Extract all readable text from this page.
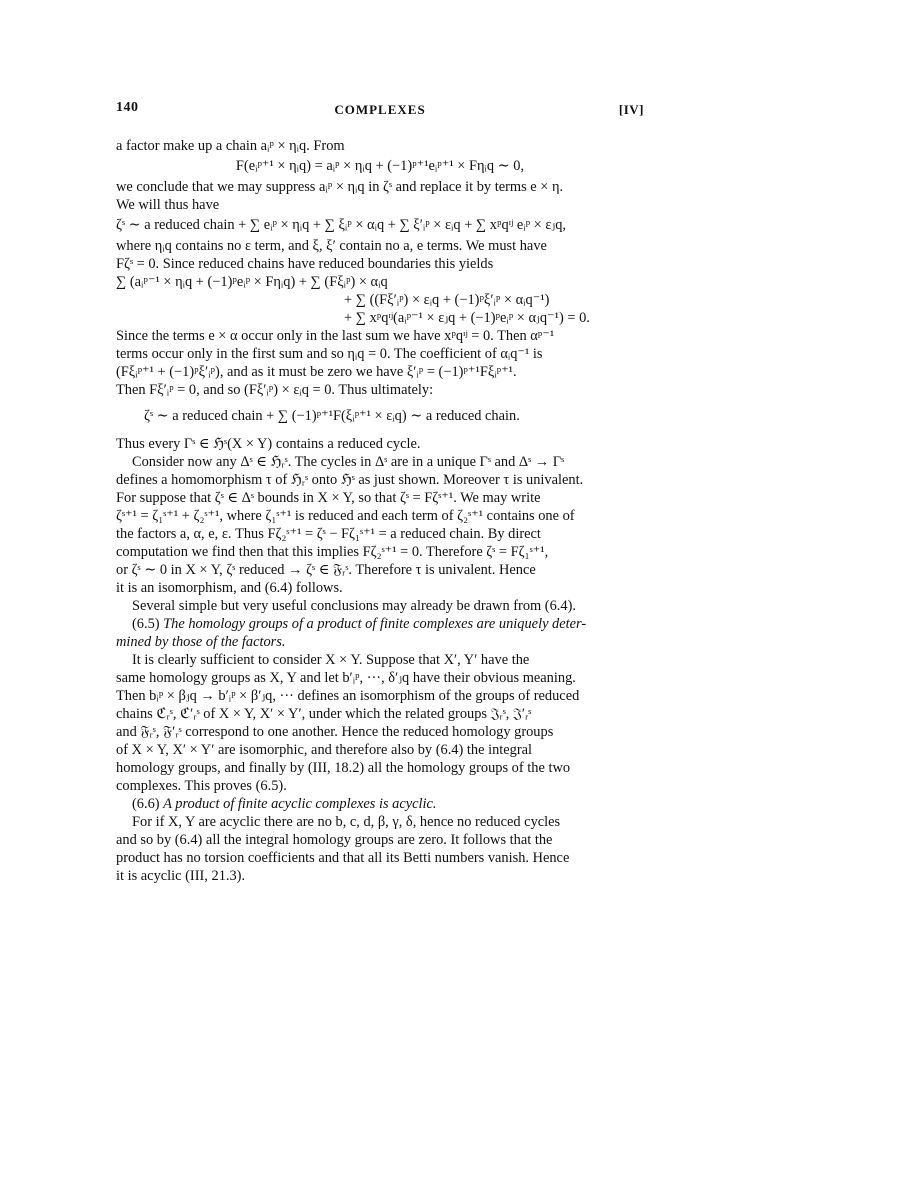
140	COMPLEXES	[IV]

a factor make up a chain aᵢᵖ × ηᵢq. From

F(eᵢᵖ⁺¹ × ηᵢq) = aᵢᵖ × ηᵢq + (−1)ᵖ⁺¹eᵢᵖ⁺¹ × Fηᵢq ∼ 0,

we conclude that we may suppress aᵢᵖ × ηᵢq in ζˢ and replace it by terms e × η.

We will thus have

ζˢ ∼ a reduced chain + ∑ eᵢᵖ × ηᵢq + ∑ ξᵢᵖ × αᵢq + ∑ ξ′ᵢᵖ × εᵢq + ∑ xᵖqᶦʲ eᵢᵖ × εⱼq,

where ηᵢq contains no ε term, and ξ, ξ′ contain no a, e terms. We must have

Fζˢ = 0. Since reduced chains have reduced boundaries this yields

∑ (aᵢᵖ⁻¹ × ηᵢq + (−1)ᵖeᵢᵖ × Fηᵢq) + ∑ (Fξᵢᵖ) × αᵢq
+ ∑ ((Fξ′ᵢᵖ) × εᵢq + (−1)ᵖξ′ᵢᵖ × αᵢq⁻¹)
+ ∑ xᵖqᶦʲ(aᵢᵖ⁻¹ × εⱼq + (−1)ᵖeᵢᵖ × αⱼq⁻¹) = 0.

Since the terms e × α occur only in the last sum we have xᵖqᶦʲ = 0. Then αᵖ⁻¹

terms occur only in the first sum and so ηᵢq = 0. The coefficient of αᵢq⁻¹ is

(Fξᵢᵖ⁺¹ + (−1)ᵖξ′ᵢᵖ), and as it must be zero we have ξ′ᵢᵖ = (−1)ᵖ⁺¹Fξᵢᵖ⁺¹.

Then Fξ′ᵢᵖ = 0, and so (Fξ′ᵢᵖ) × εᵢq = 0. Thus ultimately:

ζˢ ∼ a reduced chain + ∑ (−1)ᵖ⁺¹F(ξᵢᵖ⁺¹ × εᵢq) ∼ a reduced chain.

Thus every Γˢ ∈ ℌˢ(X × Y) contains a reduced cycle.

Consider now any Δˢ ∈ ℌᵣˢ. The cycles in Δˢ are in a unique Γˢ and Δˢ → Γˢ

defines a homomorphism τ of ℌᵣˢ onto ℌˢ as just shown. Moreover τ is univalent.

For suppose that ζˢ ∈ Δˢ bounds in X × Y, so that ζˢ = Fζˢ⁺¹. We may write

ζˢ⁺¹ = ζ₁ˢ⁺¹ + ζ₂ˢ⁺¹, where ζ₁ˢ⁺¹ is reduced and each term of ζ₂ˢ⁺¹ contains one of

the factors a, α, e, ε. Thus Fζ₂ˢ⁺¹ = ζˢ − Fζ₁ˢ⁺¹ = a reduced chain. By direct

computation we find then that this implies Fζ₂ˢ⁺¹ = 0. Therefore ζˢ = Fζ₁ˢ⁺¹,

or ζˢ ∼ 0 in X × Y, ζˢ reduced → ζˢ ∈ 𝔉ᵣˢ. Therefore τ is univalent. Hence

it is an isomorphism, and (6.4) follows.

Several simple but very useful conclusions may already be drawn from (6.4).

(6.5) The homology groups of a product of finite complexes are uniquely deter-

mined by those of the factors.

It is clearly sufficient to consider X × Y. Suppose that X′, Y′ have the

same homology groups as X, Y and let b′ᵢᵖ, ···, δ′ⱼq have their obvious meaning.

Then bᵢᵖ × βⱼq → b′ᵢᵖ × β′ⱼq, ··· defines an isomorphism of the groups of reduced

chains ℭᵣˢ, ℭ′ᵣˢ of X × Y, X′ × Y′, under which the related groups 𝔍ᵣˢ, 𝔍′ᵣˢ

and 𝔉ᵣˢ, 𝔉′ᵣˢ correspond to one another. Hence the reduced homology groups

of X × Y, X′ × Y′ are isomorphic, and therefore also by (6.4) the integral

homology groups, and finally by (III, 18.2) all the homology groups of the two

complexes. This proves (6.5).

(6.6) A product of finite acyclic complexes is acyclic.

For if X, Y are acyclic there are no b, c, d, β, γ, δ, hence no reduced cycles

and so by (6.4) all the integral homology groups are zero. It follows that the

product has no torsion coefficients and that all its Betti numbers vanish. Hence

it is acyclic (III, 21.3).
